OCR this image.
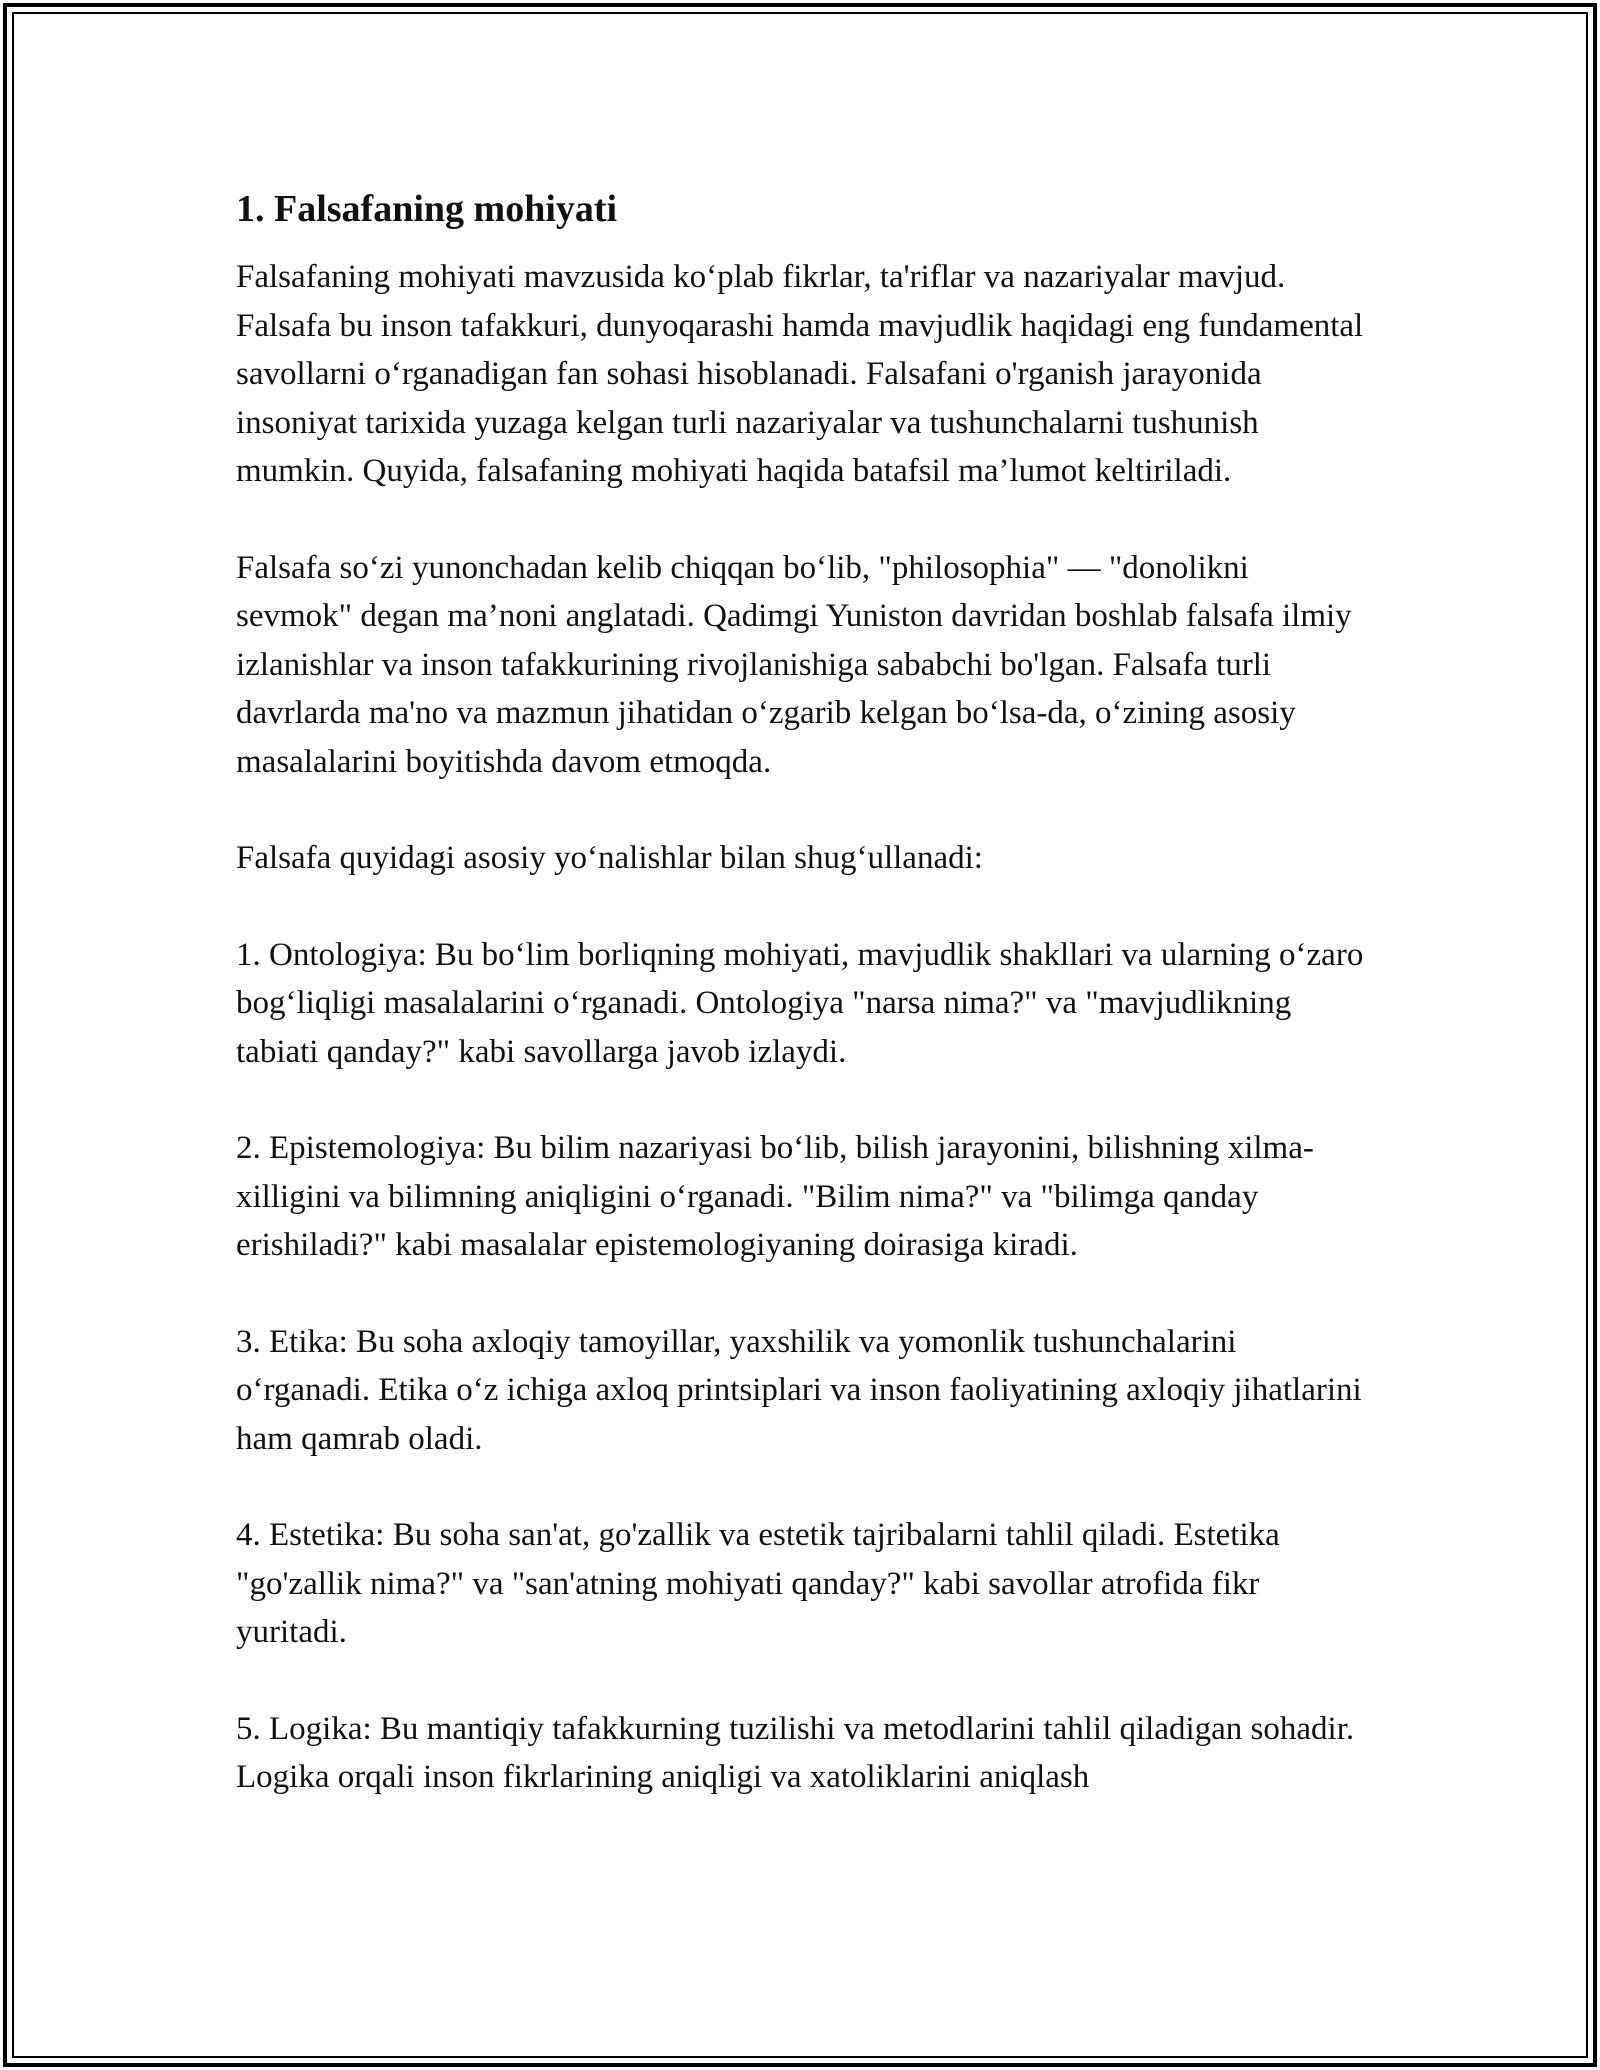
1. Falsafaning mohiyati

Falsafaning mohiyati mavzusida ko‘plab fikrlar, ta'riflar va nazariyalar mavjud. Falsafa bu inson tafakkuri, dunyoqarashi hamda mavjudlik haqidagi eng fundamental savollarni o‘rganadigan fan sohasi hisoblanadi. Falsafani o'rganish jarayonida insoniyat tarixida yuzaga kelgan turli nazariyalar va tushunchalarni tushunish mumkin. Quyida, falsafaning mohiyati haqida batafsil ma’lumot keltiriladi.

Falsafa so‘zi yunonchadan kelib chiqqan bo‘lib, "philosophia" — "donolikni sevmok" degan ma’noni anglatadi. Qadimgi Yuniston davridan boshlab falsafa ilmiy izlanishlar va inson tafakkurining rivojlanishiga sababchi bo'lgan. Falsafa turli davrlarda ma'no va mazmun jihatidan o‘zgarib kelgan bo‘lsa-da, o‘zining asosiy masalalarini boyitishda davom etmoqda.

Falsafa quyidagi asosiy yo‘nalishlar bilan shug‘ullanadi:

1. Ontologiya: Bu bo‘lim borliqning mohiyati, mavjudlik shakllari va ularning o‘zaro bog‘liqligi masalalarini o‘rganadi. Ontologiya "narsa nima?" va "mavjudlikning tabiati qanday?" kabi savollarga javob izlaydi.

2. Epistemologiya: Bu bilim nazariyasi bo‘lib, bilish jarayonini, bilishning xilma-xilligini va bilimning aniqligini o‘rganadi. "Bilim nima?" va "bilimga qanday erishiladi?" kabi masalalar epistemologiyaning doirasiga kiradi.

3. Etika: Bu soha axloqiy tamoyillar, yaxshilik va yomonlik tushunchalarini o‘rganadi. Etika o‘z ichiga axloq printsiplari va inson faoliyatining axloqiy jihatlarini ham qamrab oladi.

4. Estetika: Bu soha san'at, go'zallik va estetik tajribalarni tahlil qiladi. Estetika "go'zallik nima?" va "san'atning mohiyati qanday?" kabi savollar atrofida fikr yuritadi.

5. Logika: Bu mantiqiy tafakkurning tuzilishi va metodlarini tahlil qiladigan sohadir. Logika orqali inson fikrlarining aniqligi va xatoliklarini aniqlash
